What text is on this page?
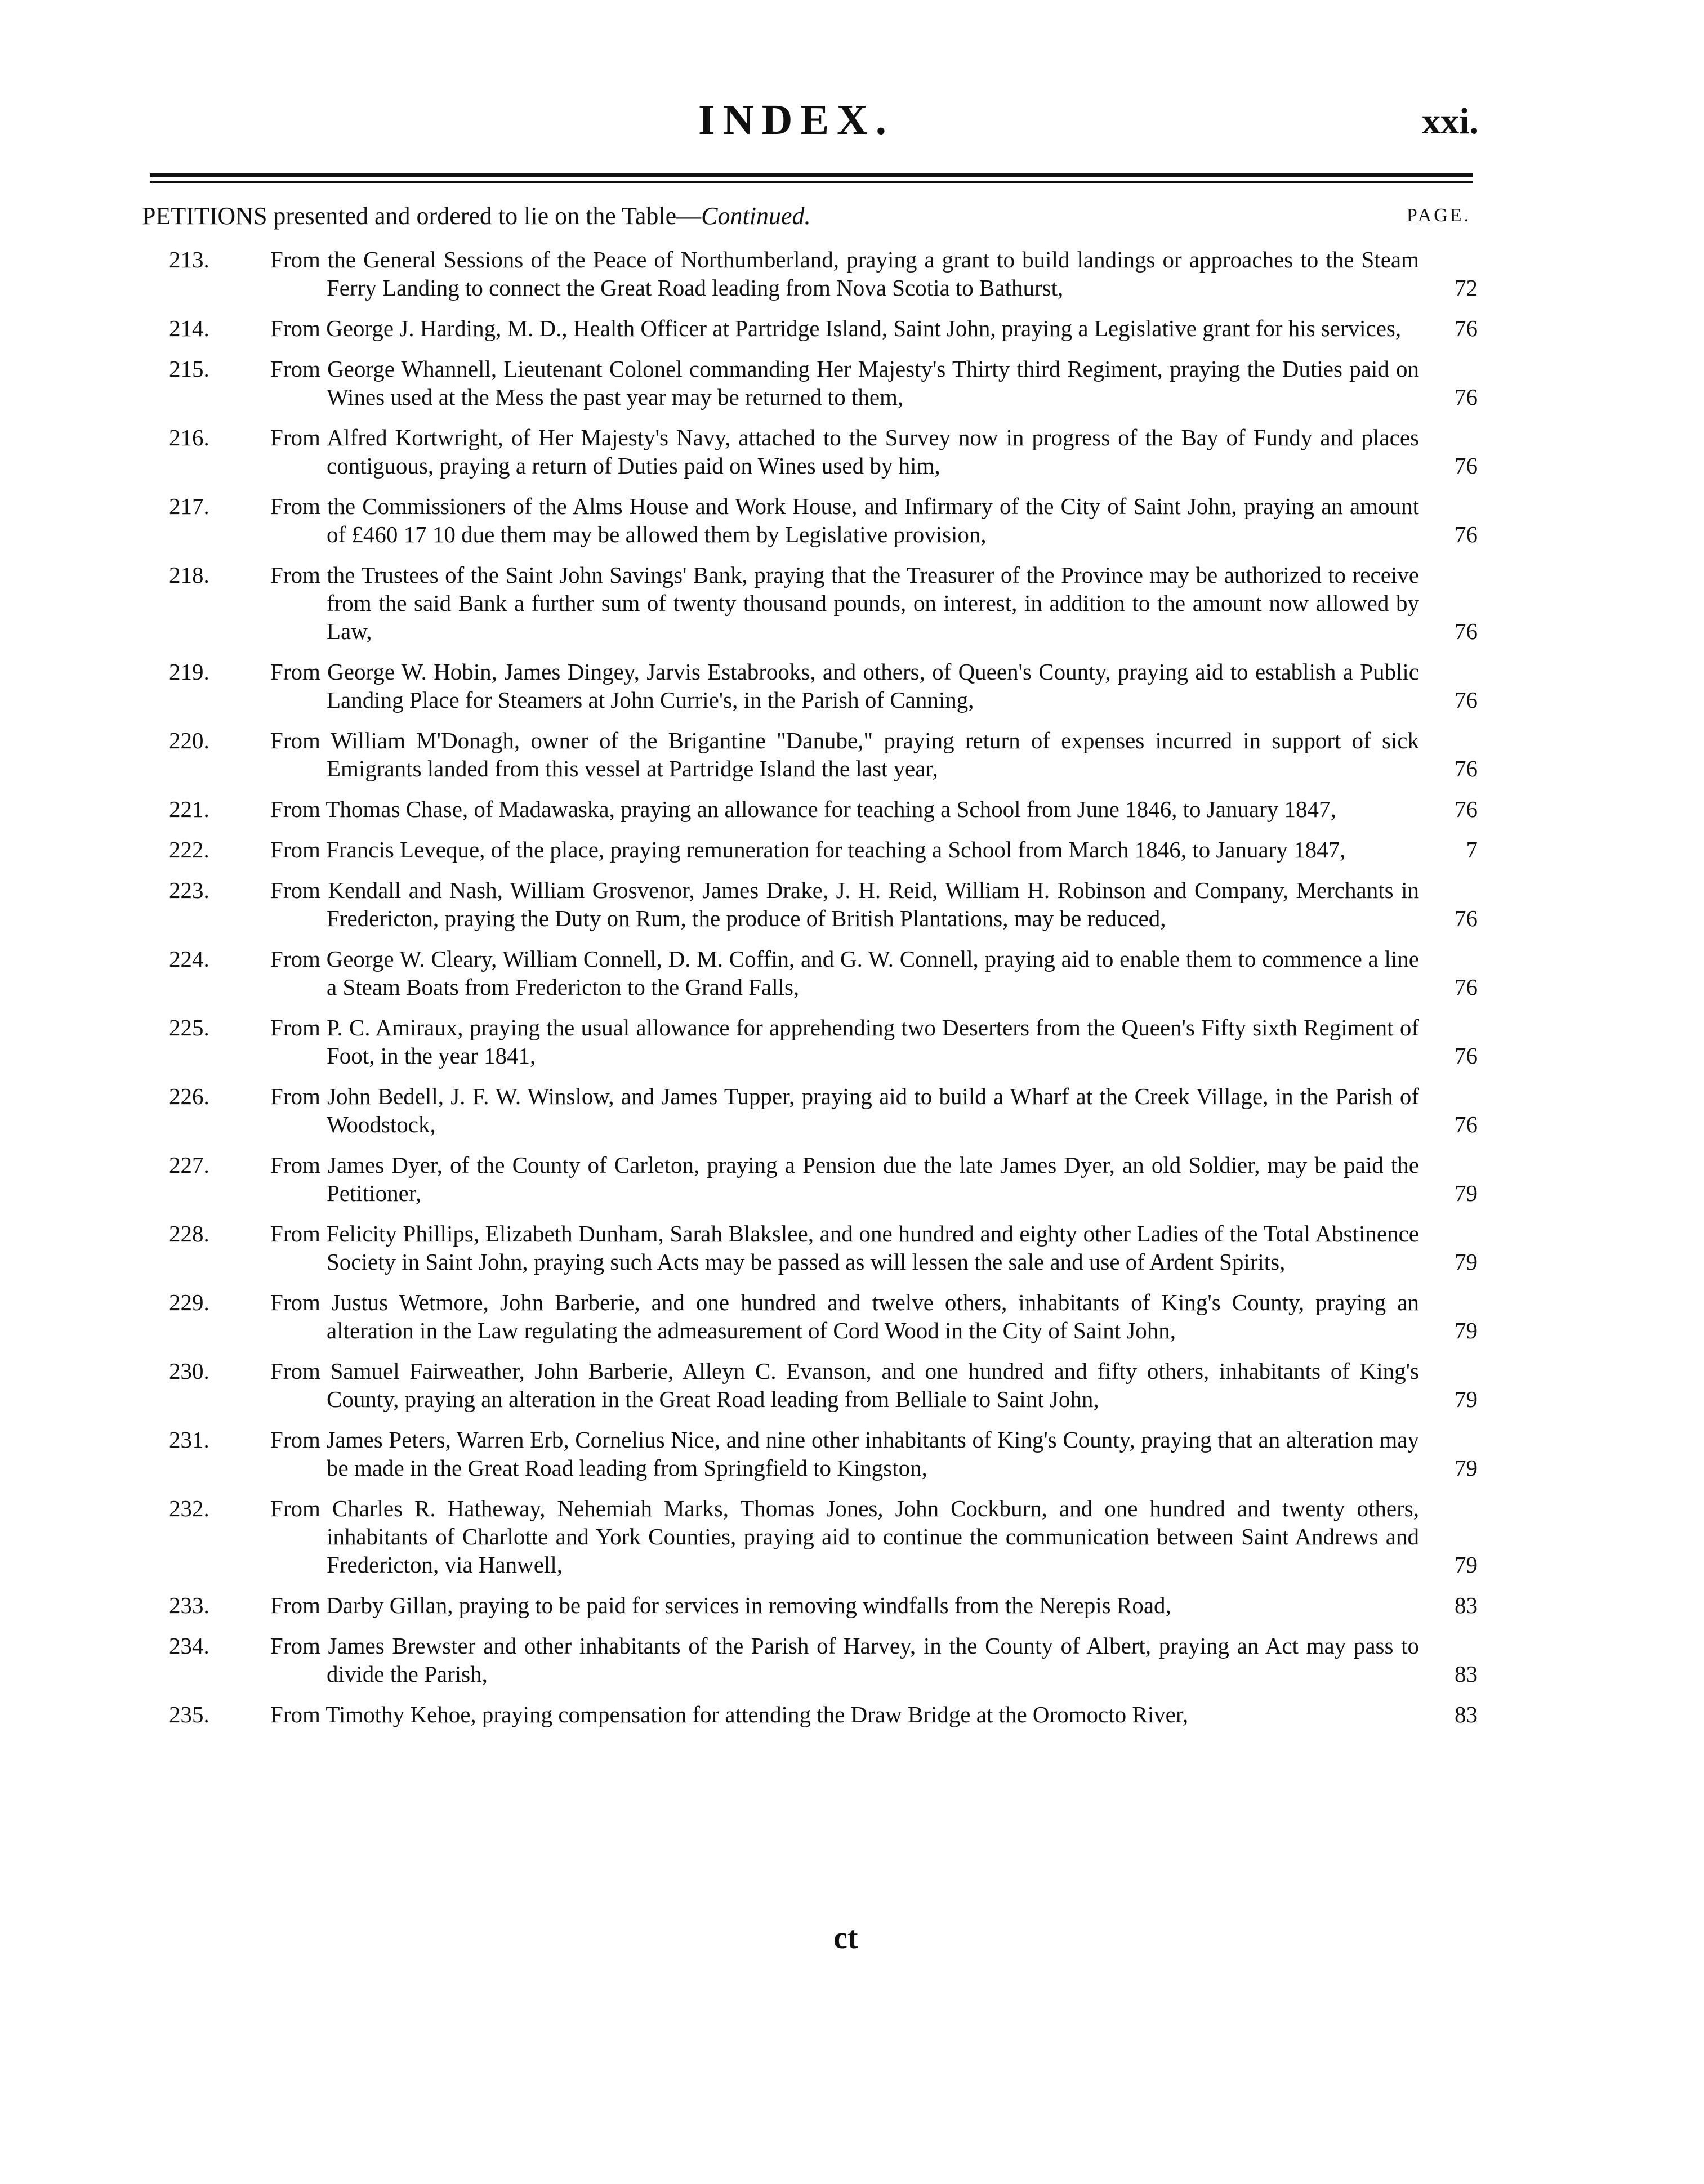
INDEX.	xxi.
PETITIONS presented and ordered to lie on the Table—Continued.	PAGE.
213.	From the General Sessions of the Peace of Northumberland, praying a grant to build landings or approaches to the Steam Ferry Landing to connect the Great Road leading from Nova Scotia to Bathurst,	72
214.	From George J. Harding, M. D., Health Officer at Partridge Island, Saint John, praying a Legislative grant for his services,	76
215.	From George Whannell, Lieutenant Colonel commanding Her Majesty's Thirty third Regiment, praying the Duties paid on Wines used at the Mess the past year may be returned to them,	76
216.	From Alfred Kortwright, of Her Majesty's Navy, attached to the Survey now in progress of the Bay of Fundy and places contiguous, praying a return of Duties paid on Wines used by him,	76
217.	From the Commissioners of the Alms House and Work House, and Infirmary of the City of Saint John, praying an amount of £460 17 10 due them may be allowed them by Legislative provision,	76
218.	From the Trustees of the Saint John Savings' Bank, praying that the Treasurer of the Province may be authorized to receive from the said Bank a further sum of twenty thousand pounds, on interest, in addition to the amount now allowed by Law,	76
219.	From George W. Hobin, James Dingey, Jarvis Estabrooks, and others, of Queen's County, praying aid to establish a Public Landing Place for Steamers at John Currie's, in the Parish of Canning,	76
220.	From William M'Donagh, owner of the Brigantine "Danube," praying return of expenses incurred in support of sick Emigrants landed from this vessel at Partridge Island the last year,	76
221.	From Thomas Chase, of Madawaska, praying an allowance for teaching a School from June 1846, to January 1847,	76
222.	From Francis Leveque, of the place, praying remuneration for teaching a School from March 1846, to January 1847,	7
223.	From Kendall and Nash, William Grosvenor, James Drake, J. H. Reid, William H. Robinson and Company, Merchants in Fredericton, praying the Duty on Rum, the produce of British Plantations, may be reduced,	76
224.	From George W. Cleary, William Connell, D. M. Coffin, and G. W. Connell, praying aid to enable them to commence a line a Steam Boats from Fredericton to the Grand Falls,	76
225.	From P. C. Amiraux, praying the usual allowance for apprehending two Deserters from the Queen's Fifty sixth Regiment of Foot, in the year 1841,	76
226.	From John Bedell, J. F. W. Winslow, and James Tupper, praying aid to build a Wharf at the Creek Village, in the Parish of Woodstock,	76
227.	From James Dyer, of the County of Carleton, praying a Pension due the late James Dyer, an old Soldier, may be paid the Petitioner,	79
228.	From Felicity Phillips, Elizabeth Dunham, Sarah Blakslee, and one hundred and eighty other Ladies of the Total Abstinence Society in Saint John, praying such Acts may be passed as will lessen the sale and use of Ardent Spirits,	79
229.	From Justus Wetmore, John Barberie, and one hundred and twelve others, inhabitants of King's County, praying an alteration in the Law regulating the admeasurement of Cord Wood in the City of Saint John,	79
230.	From Samuel Fairweather, John Barberie, Alleyn C. Evanson, and one hundred and fifty others, inhabitants of King's County, praying an alteration in the Great Road leading from Belliale to Saint John,	79
231.	From James Peters, Warren Erb, Cornelius Nice, and nine other inhabitants of King's County, praying that an alteration may be made in the Great Road leading from Springfield to Kingston,	79
232.	From Charles R. Hatheway, Nehemiah Marks, Thomas Jones, John Cockburn, and one hundred and twenty others, inhabitants of Charlotte and York Counties, praying aid to continue the communication between Saint Andrews and Fredericton, via Hanwell,	79
233.	From Darby Gillan, praying to be paid for services in removing windfalls from the Nerepis Road,	83
234.	From James Brewster and other inhabitants of the Parish of Harvey, in the County of Albert, praying an Act may pass to divide the Parish,	83
235.	From Timothy Kehoe, praying compensation for attending the Draw Bridge at the Oromocto River,	83
ct
